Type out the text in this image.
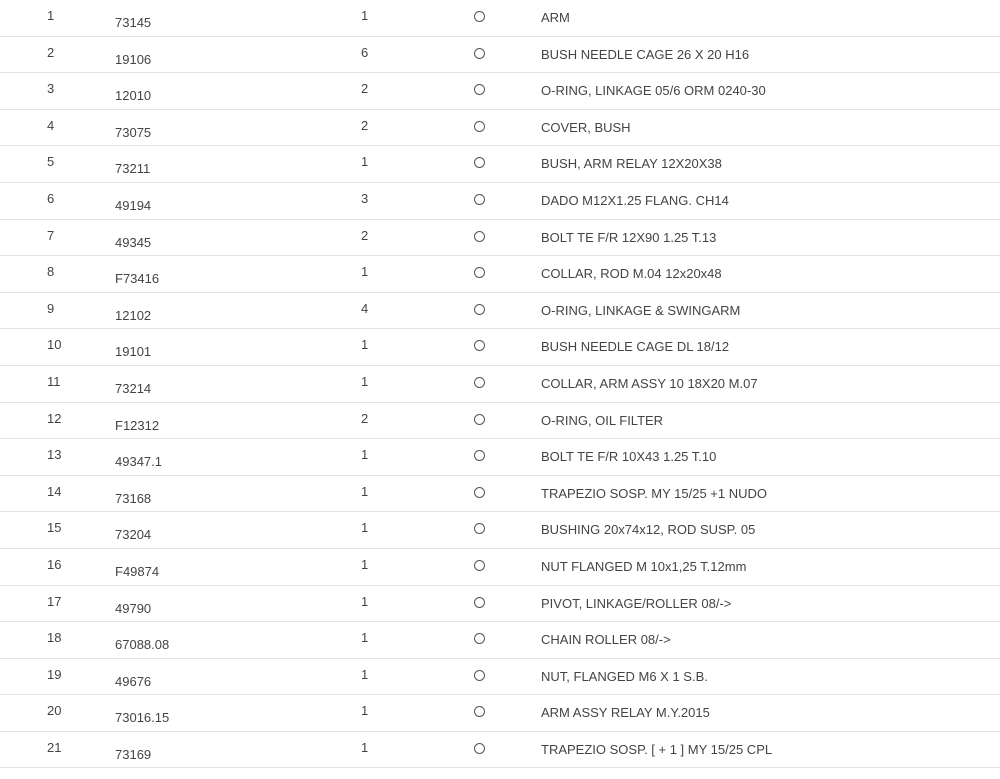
1	73145	1	ARM
2	19106	6	BUSH NEEDLE CAGE 26 X 20 H16
3	12010	2	O-RING, LINKAGE 05/6 ORM 0240-30
4	73075	2	COVER, BUSH
5	73211	1	BUSH, ARM RELAY 12X20X38
6	49194	3	DADO M12X1.25 FLANG. CH14
7	49345	2	BOLT TE F/R 12X90 1.25 T.13
8	F73416	1	COLLAR, ROD M.04 12x20x48
9	12102	4	O-RING, LINKAGE & SWINGARM
10	19101	1	BUSH NEEDLE CAGE DL 18/12
11	73214	1	COLLAR, ARM ASSY 10 18X20 M.07
12	F12312	2	O-RING, OIL FILTER
13	49347.1	1	BOLT TE F/R 10X43 1.25 T.10
14	73168	1	TRAPEZIO SOSP. MY 15/25 +1 NUDO
15	73204	1	BUSHING 20x74x12, ROD SUSP. 05
16	F49874	1	NUT FLANGED M 10x1,25 T.12mm
17	49790	1	PIVOT, LINKAGE/ROLLER 08/->
18	67088.08	1	CHAIN ROLLER 08/->
19	49676	1	NUT, FLANGED M6 X 1 S.B.
20	73016.15	1	ARM ASSY RELAY M.Y.2015
21	73169	1	TRAPEZIO SOSP. [ + 1 ] MY 15/25 CPL
